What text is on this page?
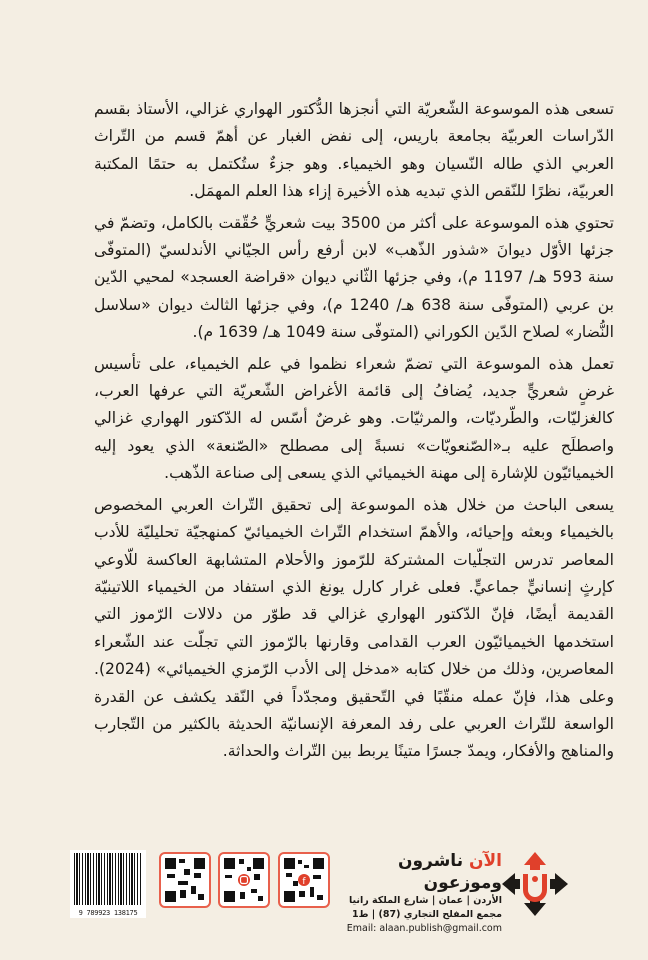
تسعى هذه الموسوعة الشّعريّة التي أنجزها الدُّكتور الهواري غزالي، الأستاذ بقسم الدّراسات العربيّة بجامعة باريس، إلى نفض الغبار عن أهمّ قسم من التّراث العربي الذي طاله النّسيان وهو الخيمياء. وهو جزءٌ ستُكتمل به حتمًا المكتبة العربيّة، نظرًا للنّقص الذي تبديه هذه الأخيرة إزاء هذا العلم المهمَل.

تحتوي هذه الموسوعة على أكثر من 3500 بيت شعريٍّ حُقّقت بالكامل، وتضمّ في جزئها الأوّل ديوانَ «شذور الذّهب» لابن أرفع رأس الجيّاني الأندلسيّ (المتوفّى سنة 593 هـ/ 1197 م)، وفي جزئها الثّاني ديوان «قراضة العسجد» لمحيي الدّين بن عربي (المتوفّى سنة 638 هـ/ 1240 م)، وفي جزئها الثالث ديوان «سلاسل النُّضار» لصلاح الدّين الكوراني (المتوفّى سنة 1049 هـ/ 1639 م).

تعمل هذه الموسوعة التي تضمّ شعراء نظموا في علم الخيمياء، على تأسيس غرضٍ شعريٍّ جديد، يُضافُ إلى قائمة الأغراض الشّعريّة التي عرفها العرب، كالغزليّات، والطّرديّات، والمرثيّات. وهو غرضٌ أسّس له الدّكتور الهواري غزالي واصطلَح عليه بـ«الصّنعويّات» نسبةً إلى مصطلح «الصّنعة» الذي يعود إليه الخيميائيّون للإشارة إلى مهنة الخيميائي الذي يسعى إلى صناعة الذّهب.

يسعى الباحث من خلال هذه الموسوعة إلى تحقيق التّراث العربي المخصوص بالخيمياء وبعثه وإحيائه، والأهمّ استخدام التّراث الخيميائيّ كمنهجيّة تحليليّة للأدب المعاصر تدرس التجلّيات المشتركة للرّموز والأحلام المتشابهة العاكسة للّاوعي كإرثٍ إنسانيٍّ جماعيٍّ. فعلى غرار كارل يونغ الذي استفاد من الخيمياء اللاتينيّة القديمة أيضًا، فإنّ الدّكتور الهواري غزالي قد طوّر من دلالات الرّموز التي استخدمها الخيميائيّون العرب القدامى وقارنها بالرّموز التي تجلّت عند الشّعراء المعاصرين، وذلك من خلال كتابه «مدخل إلى الأدب الرّمزي الخيميائي» (2024). وعلى هذا، فإنّ عمله منقّبًا في التّحقيق ومجدّداً في النّقد يكشف عن القدرة الواسعة للتّراث العربي على رفد المعرفة الإنسانيّة الحديثة بالكثير من التّجارب والمناهج والأفكار، ويمدّ جسرًا متينًا يربط بين التّراث والحداثة.

الآن ناشرون وموزعون
الأردن | عمان | شارع الملكة رانيا
مجمع المفلح التجاري (87) | ط1
Email: alaan.publish@gmail.com
f
9 789923 138175
